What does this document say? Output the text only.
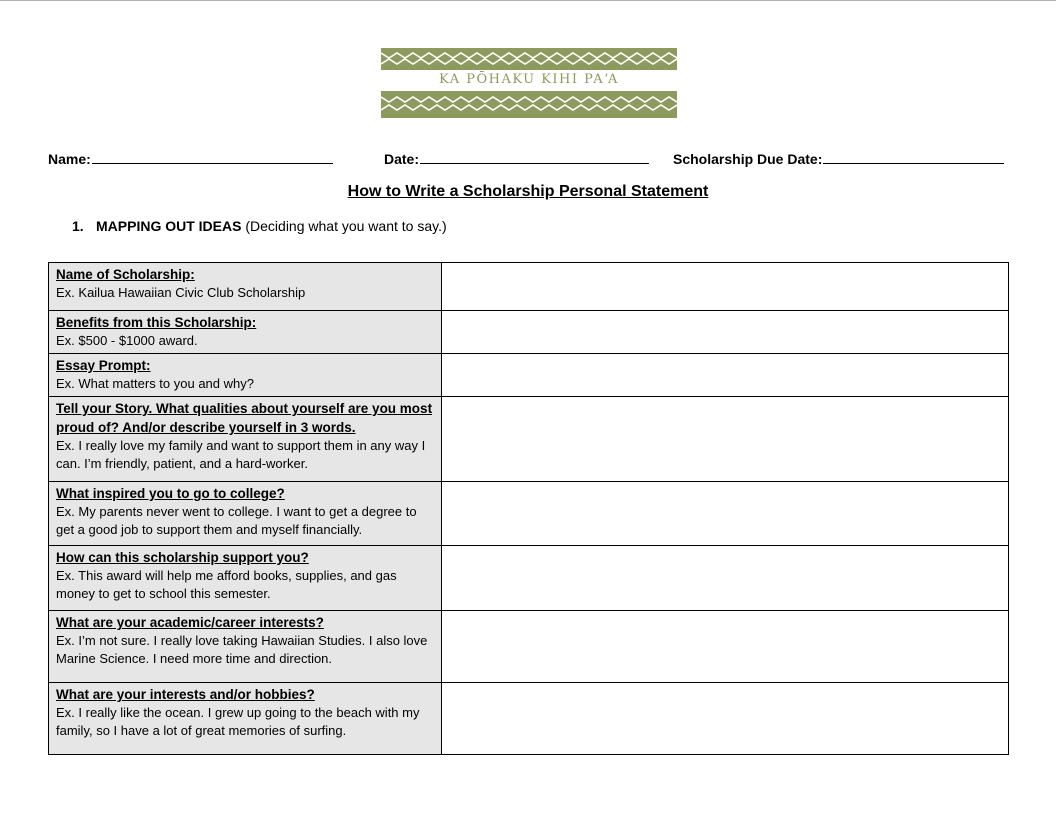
KA PŌHAKU KIHI PAʻA
Name:	Date:	Scholarship Due Date:
How to Write a Scholarship Personal Statement
1. MAPPING OUT IDEAS (Deciding what you want to say.)
Name of Scholarship:
Ex. Kailua Hawaiian Civic Club Scholarship	

Benefits from this Scholarship:
Ex. $500 - $1000 award.	

Essay Prompt:
Ex. What matters to you and why?	

Tell your Story. What qualities about yourself are you most proud of? And/or describe yourself in 3 words.
Ex. I really love my family and want to support them in any way I can. I’m friendly, patient, and a hard-worker.	

What inspired you to go to college?
Ex. My parents never went to college. I want to get a degree to get a good job to support them and myself financially.	

How can this scholarship support you?
Ex. This award will help me afford books, supplies, and gas money to get to school this semester.	

What are your academic/career interests?
Ex. I’m not sure. I really love taking Hawaiian Studies. I also love Marine Science. I need more time and direction.	

What are your interests and/or hobbies?
Ex. I really like the ocean. I grew up going to the beach with my family, so I have a lot of great memories of surfing.	
